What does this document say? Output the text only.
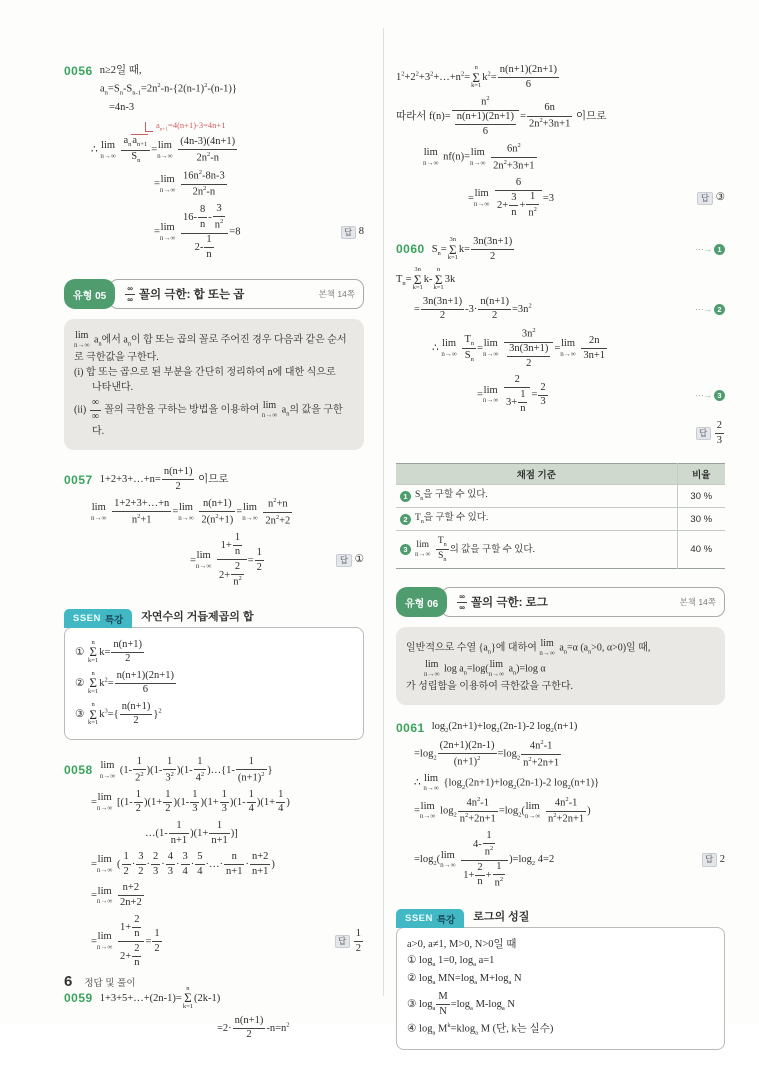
0056 n≥2일 때,
$a_n=S_n-S_{n-1}=2n^2-n-\{2(n-1)^2-(n-1)\}$
=4n-3
$a_{n+1}=4(n+1)-3=4n+1$
∴ lim
n→∞

$a_na_{n+1}$
$S_n$
= lim
n→∞
$\frac{(4n-3)(4n+1)}{2n^2-n}$
= lim
n→∞
$\frac{16n^2-8n-3}{2n^2-n}$
= lim
n→∞
$\frac{16- \frac{8}{n} - \frac{3}{n^2}}{2- \frac{1}{n}} =8$	답 8
유형 05
∞
∞ 꼴의 극한: 합 또는 곱	본책 14쪽
lim
n→∞ $a_n$에서 $a_n$이 합 또는 곱의 꼴로 주어진 경우 다음과 같은 순서
로 극한값을 구한다.
(i) 합 또는 곱으로 된 부분을 간단히 정리하여 n에 대한 식으로
나타낸다.
(ii)
∞
∞
꼴의 극한을 구하는 방법을 이용하여 lim
n→∞ $a_n$의 값을 구한
다.
0057 1+2+3+…+n= $\frac{n(n+1)}{2}$ 이므로
lim
n→∞
$\frac{1+2+3+\dots+n}{n^2+1} = \lim$
n→∞
$\frac{n(n+1)}{2(n^2+1)} = \lim$
n→∞
$\frac{n^2+n}{2n^2+2}$
= lim
n→∞
$\frac{1+ \frac{1}{n}}{2+ \frac{2}{n^2}} = \frac{1}{2}$	답 ①
SSEN 특강 자연수의 거듭제곱의 합
①
n
Σ
k=1
$k= \frac{n(n+1)}{2}$
②
n
Σ
k=1
$k^2= \frac{n(n+1)(2n+1)}{6}$
③
n
Σ
k=1
$k^3=\{ \frac{n(n+1)}{2} \}^2$
0058 lim
n→∞ $(1- \frac{1}{2^2} )(1- \frac{1}{3^2} )(1- \frac{1}{4^2}$ )…{1- $\frac{1}{(n+1)^2}$ }
= lim
n→∞ [$(1- \frac{1}{2} )(1+ \frac{1}{2} )(1- \frac{1}{3} )(1+ \frac{1}{3} )(1- \frac{1}{4} )(1+ \frac{1}{4}$ )
…(1- $\frac{1}{n+1} )(1+ \frac{1}{n+1}$ )]
= lim
n→∞ ( $\frac{1}{2} \cdot \frac{3}{2} \cdot \frac{2}{3} \cdot \frac{4}{3} \cdot \frac{3}{4} \cdot \frac{5}{4}$ ·…· $\frac{n}{n+1} \cdot \frac{n+2}{n+1}$ )
= lim
n→∞
$\frac{n+2}{2n+2}$
= lim
n→∞
$\frac{1+ \frac{2}{n}}{2+ \frac{2}{n}} = \frac{1}{2}$	답 $\frac{1}{2}$
0059 1+3+5+…+(2n-1)=
n
Σ
k=1
(2k-1)
$=2\cdot \frac{n(n+1)}{2} -n=n^2$
$1^2+2^2+3^2+\dots+n^2=$
n
Σ
k=1
$k^2= \frac{n(n+1)(2n+1)}{6}$
따라서 $f(n)= \frac{n^2}{\frac{n(n+1)(2n+1)}{6}} = \frac{6n}{2n^2+3n+1}$ 이므로
lim
n→∞ nf(n)= lim
n→∞
$\frac{6n^2}{2n^2+3n+1}$
= lim
n→∞
$\frac{6}{2+ \frac{3}{n} + \frac{1}{n^2}} =3$	답 ③
0060 $S_n=$
3n
Σ
k=1
$k= \frac{3n(3n+1)}{2}$	⋯→ 1
$T_n=$
3n
Σ
k=1
k-
n
Σ
k=1
3k
= $\frac{3n(3n+1)}{2} -3\cdot \frac{n(n+1)}{2} =3n^2$	⋯→ 2
∴ lim
n→∞
$\frac{T_n}{S_n} = \lim$
n→∞
$\frac{3n^2}{\frac{3n(3n+1)}{2}} = \lim$
n→∞
$\frac{2n}{3n+1}$
= lim
n→∞
$\frac{2}{3+ \frac{1}{n}} = \frac{2}{3}$	⋯→ 3
답 $\frac{2}{3}$
채점 기준	비율

1 $S_n$을 구할 수 있다.	30 %

2 $T_n$을 구할 수 있다.	30 %

3 lim
n→∞
$\frac{T_n}{S_n}$ 의 값을 구할 수 있다.	40 %
유형 06
∞
∞ 꼴의 극한: 로그	본책 14쪽
일반적으로 수열 $\{a_n\}$에 대하여 lim
n→∞ $a_n=\alpha$ ($a_n>0$, α>0)일 때,
lim
n→∞ $\log a_n=\log$( lim
n→∞ $a_n)=\log$ α
가 성립함을 이용하여 극한값을 구한다.
0061 $\log_2(2n+1)+\log_2(2n-1)-2$ $\log_2(n+1)$
$=\log_2 \frac{(2n+1)(2n-1)}{(n+1)^2} =\log_2 \frac{4n^2-1}{n^2+2n+1}$
∴ lim
n→∞ {$\log_2(2n+1)+\log_2(2n-1)-2$ $\log_2(n+1)$}
= lim
n→∞ $\log_2 \frac{4n^2-1}{n^2+2n+1} =\log_2$( lim
n→∞
$\frac{4n^2-1}{n^2+2n+1}$ )
$=\log_2$( lim
n→∞
$\frac{4- \frac{1}{n^2}}{1+ \frac{2}{n} + \frac{1}{n^2}} )=\log_2$ 4=2	답 2
SSEN 특강 로그의 성질
a>0, a≠1, M>0, N>0일 때
① $\log_a 1=0$, $\log_a a=1$
② $\log_a MN=\log_a$ $M+\log_a$ N
③ $\log_a \frac{M}{N} =\log_a$ $M-\log_a$ N
④ $\log_a M^k=klog_a$ M (단, k는 실수)
6 정답 및 풀이
